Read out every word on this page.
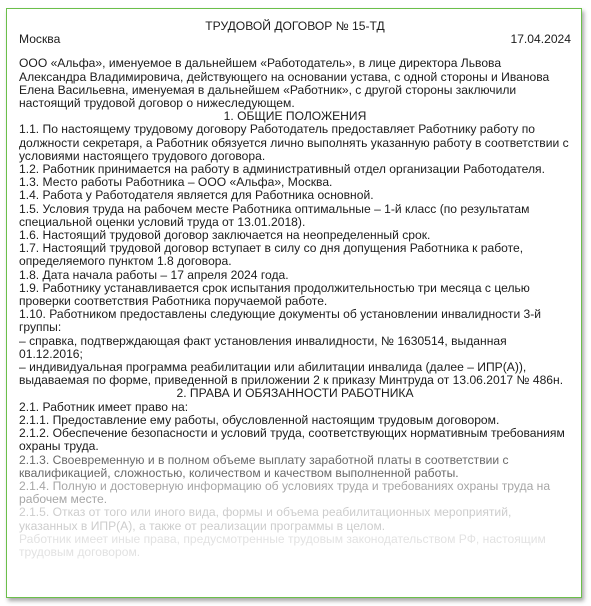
ТРУДОВОЙ ДОГОВОР № 15-ТД
Москва	17.04.2024

ООО «Альфа», именуемое в дальнейшем «Работодатель», в лице директора Львова Александра Владимировича, действующего на основании устава, с одной стороны и Иванова Елена Васильевна, именуемая в дальнейшем «Работник», с другой стороны заключили настоящий трудовой договор о нижеследующем.

1. ОБЩИЕ ПОЛОЖЕНИЯ

1.1. По настоящему трудовому договору Работодатель предоставляет Работнику работу по должности секретаря, а Работник обязуется лично выполнять указанную работу в соответствии с условиями настоящего трудового договора.

1.2. Работник принимается на работу в административный отдел организации Работодателя.

1.3. Место работы Работника – ООО «Альфа», Москва.

1.4. Работа у Работодателя является для Работника основной.

1.5. Условия труда на рабочем месте Работника оптимальные – 1-й класс (по результатам специальной оценки условий труда от 13.01.2018).

1.6. Настоящий трудовой договор заключается на неопределенный срок.

1.7. Настоящий трудовой договор вступает в силу со дня допущения Работника к работе, определяемого пунктом 1.8 договора.

1.8. Дата начала работы – 17 апреля 2024 года.

1.9. Работнику устанавливается срок испытания продолжительностью три месяца с целью проверки соответствия Работника поручаемой работе.

1.10. Работником предоставлены следующие документы об установлении инвалидности 3-й группы:

– справка, подтверждающая факт установления инвалидности, № 1630514, выданная 01.12.2016;

– индивидуальная программа реабилитации или абилитации инвалида (далее – ИПР(А)), выдаваемая по форме, приведенной в приложении 2 к приказу Минтруда от 13.06.2017 № 486н.

2. ПРАВА И ОБЯЗАННОСТИ РАБОТНИКА

2.1. Работник имеет право на:

2.1.1. Предоставление ему работы, обусловленной настоящим трудовым договором.

2.1.2. Обеспечение безопасности и условий труда, соответствующих нормативным требованиям охраны труда.

2.1.3. Своевременную и в полном объеме выплату заработной платы в соответствии с квалификацией, сложностью, количеством и качеством выполненной работы.

2.1.4. Полную и достоверную информацию об условиях труда и требованиях охраны труда на рабочем месте.

2.1.5. Отказ от того или иного вида, формы и объема реабилитационных мероприятий, указанных в ИПР(А), а также от реализации программы в целом.

Работник имеет иные права, предусмотренные трудовым законодательством РФ, настоящим трудовым договором.
